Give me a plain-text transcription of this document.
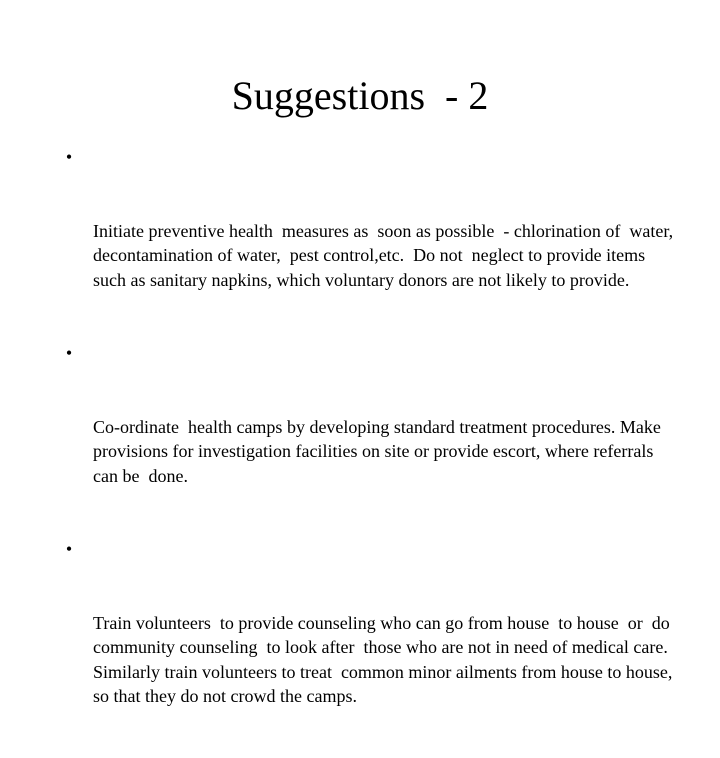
Suggestions  - 2

•

Initiate preventive health  measures as  soon as possible  - chlorination of  water, decontamination of water,  pest control,etc.  Do not  neglect to provide items such as sanitary napkins, which voluntary donors are not likely to provide.

•

Co-ordinate  health camps by developing standard treatment procedures. Make provisions for investigation facilities on site or provide escort, where referrals  can be  done.

•

Train volunteers  to provide counseling who can go from house  to house  or  do community counseling  to look after  those who are not in need of medical care. Similarly train volunteers to treat  common minor ailments from house to house, so that they do not crowd the camps.
